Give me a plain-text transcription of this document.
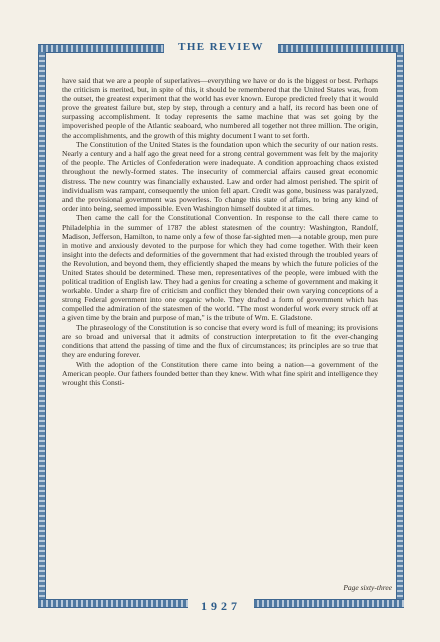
THE REVIEW
1927

have said that we are a people of superlatives—everything we have or do is the biggest or best. Perhaps the criticism is merited, but, in spite of this, it should be remembered that the United States was, from the outset, the greatest experiment that the world has ever known. Europe predicted freely that it would prove the greatest failure but, step by step, through a century and a half, its record has been one of surpassing accomplishment. It today represents the same machine that was set going by the impoverished people of the Atlantic seaboard, who numbered all together not three million. The origin, the accomplishments, and the growth of this mighty document I want to set forth.

The Constitution of the United States is the foundation upon which the security of our nation rests. Nearly a century and a half ago the great need for a strong central government was felt by the majority of the people. The Articles of Confederation were inadequate. A condition approaching chaos existed throughout the newly-formed states. The insecurity of commercial affairs caused great economic distress. The new country was financially exhausted. Law and order had almost perished. The spirit of individualism was rampant, consequently the union fell apart. Credit was gone, business was paralyzed, and the provisional government was powerless. To change this state of affairs, to bring any kind of order into being, seemed impossible. Even Washington himself doubted it at times.

Then came the call for the Constitutional Convention. In response to the call there came to Philadelphia in the summer of 1787 the ablest statesmen of the country: Washington, Randolf, Madison, Jefferson, Hamilton, to name only a few of those far-sighted men—a notable group, men pure in motive and anxiously devoted to the purpose for which they had come together. With their keen insight into the defects and deformities of the government that had existed through the troubled years of the Revolution, and beyond them, they efficiently shaped the means by which the future policies of the United States should be determined. These men, representatives of the people, were imbued with the political tradition of English law. They had a genius for creating a scheme of government and making it workable. Under a sharp fire of criticism and conflict they blended their own varying conceptions of a strong Federal government into one organic whole. They drafted a form of government which has compelled the admiration of the statesmen of the world. "The most wonderful work every struck off at a given time by the brain and purpose of man," is the tribute of Wm. E. Gladstone.

The phraseology of the Constitution is so concise that every word is full of meaning; its provisions are so broad and universal that it admits of construction interpretation to fit the ever-changing conditions that attend the passing of time and the flux of circumstances; its principles are so true that they are enduring forever.

With the adoption of the Constitution there came into being a nation—a government of the American people. Our fathers founded better than they knew. With what fine spirit and intelligence they wrought this Consti-

Page sixty-three
